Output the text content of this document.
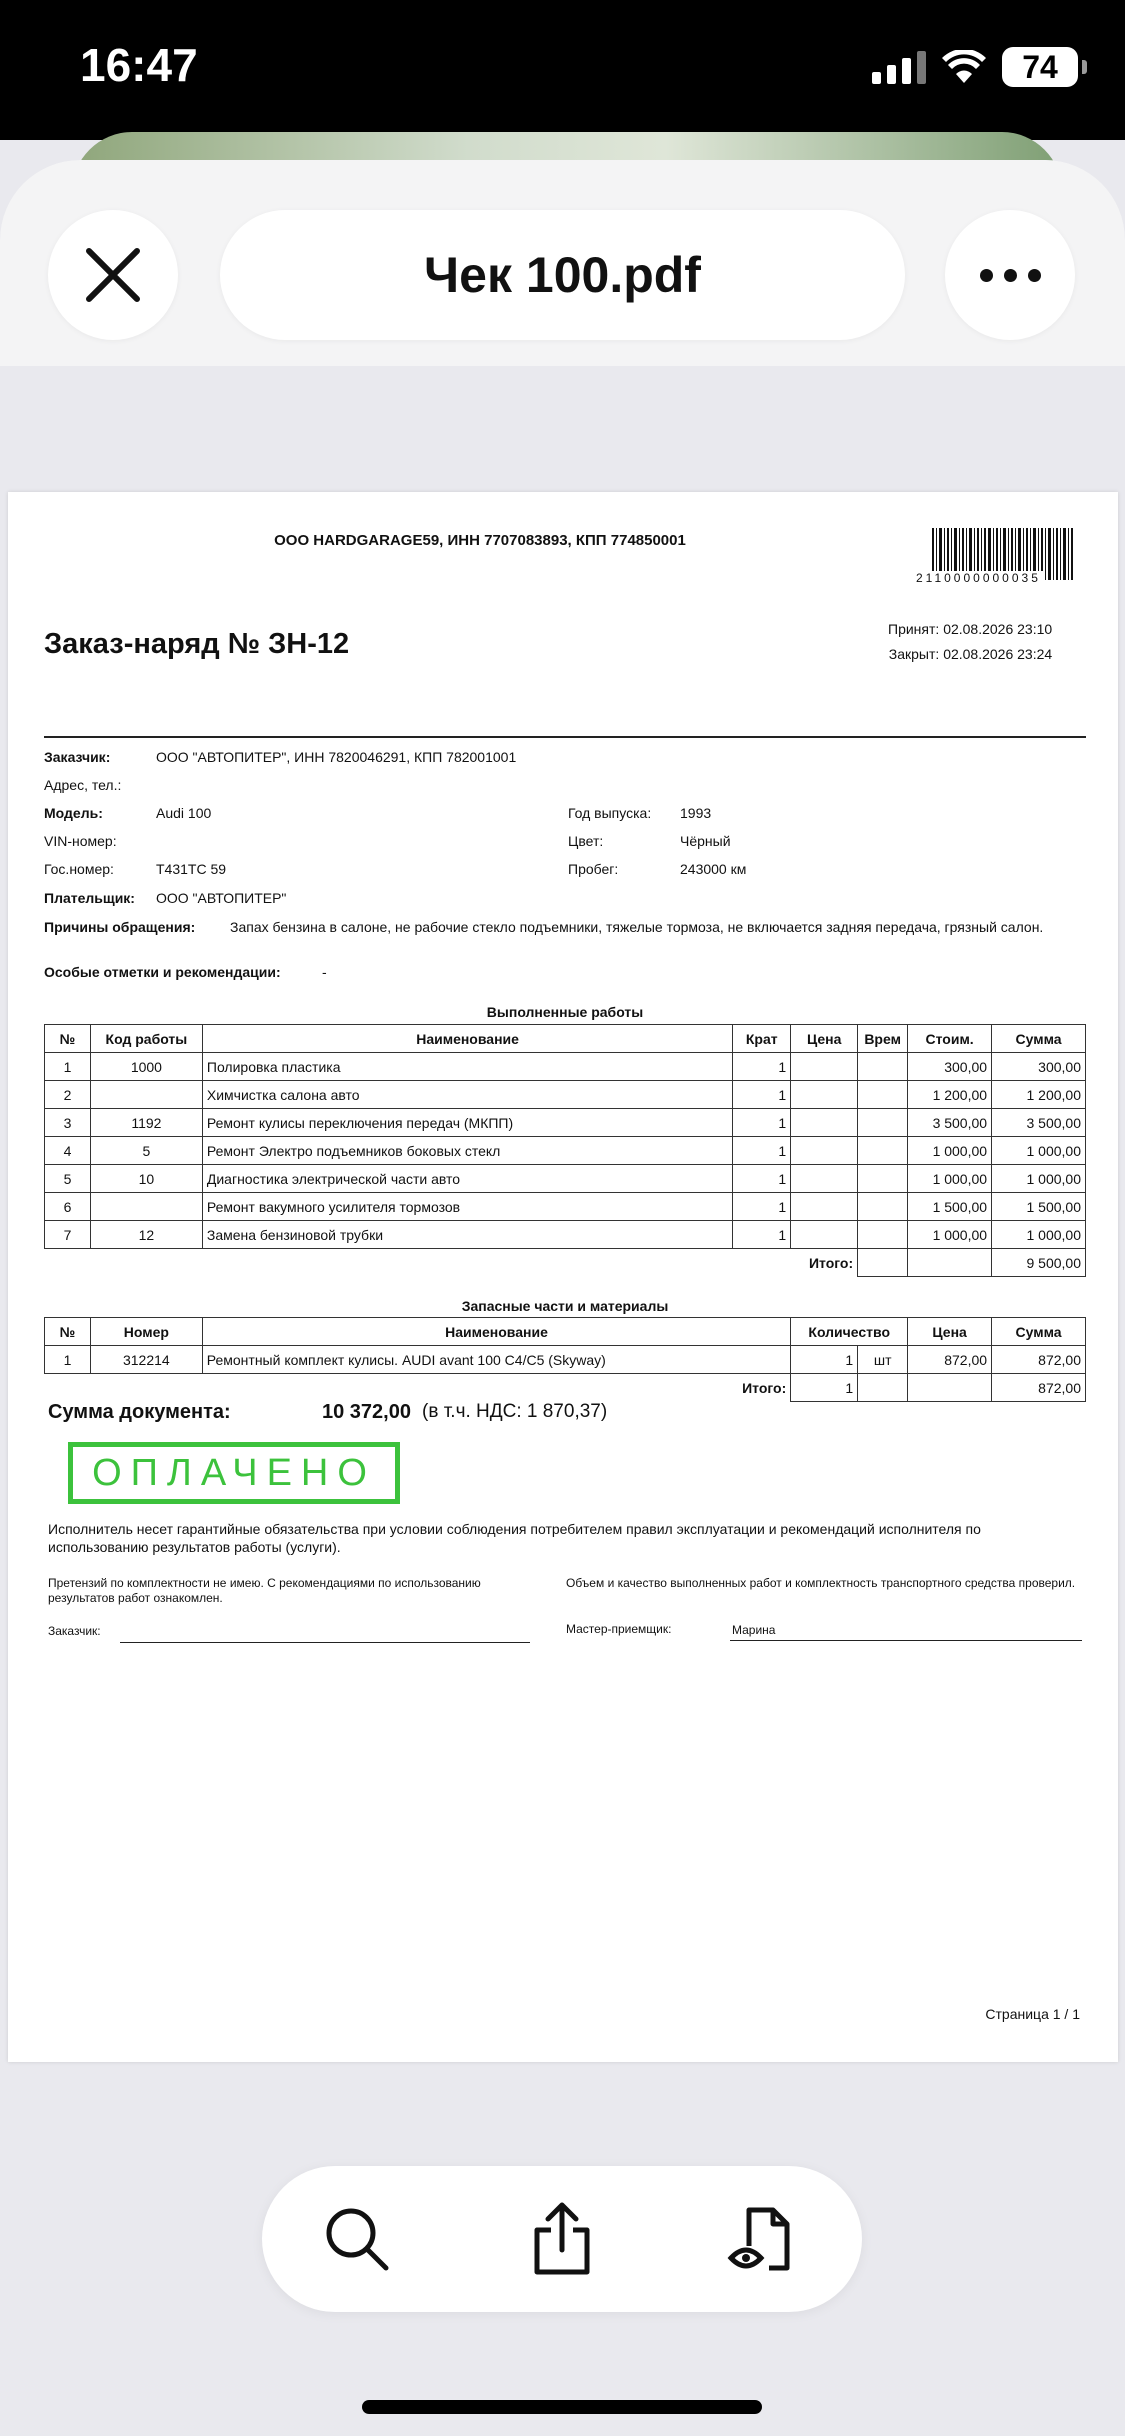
16:47	74
Чек 100.pdf
ООО HARDGARAGE59, ИНН 7707083893, КПП 774850001
2110000000035
Заказ-наряд № ЗН-12	Принят: 02.08.2026 23:10
Закрыт: 02.08.2026 23:24
Заказчик:	ООО "АВТОПИТЕР", ИНН 7820046291, КПП 782001001
Адрес, тел.:
Модель:	Audi 100
VIN-номер:
Гос.номер:	Т431ТС 59
Год выпуска: 1993
Цвет:	Чёрный
Пробег:	243000 км
Плательщик: ООО "АВТОПИТЕР"
Причины обращения: Запах бензина в салоне, не рабочие стекло подъемники, тяжелые тормоза, не включается задняя передача, грязный салон.
Особые отметки и рекомендации:	-
Выполненные работы
№	Код работы	Наименование	Крат	Цена	Врем	Стоим.	Сумма
1	1000	Полировка пластика	1			300,00	300,00
2		Химчистка салона авто	1			1 200,00	1 200,00
3	1192	Ремонт кулисы переключения передач (МКПП)	1			3 500,00	3 500,00
4	5	Ремонт Электро подъемников боковых стекл	1			1 000,00	1 000,00
5	10	Диагностика электрической части авто	1			1 000,00	1 000,00
6		Ремонт вакумного усилителя тормозов	1			1 500,00	1 500,00
7	12	Замена бензиновой трубки	1			1 000,00	1 000,00
				Итого:			9 500,00
Запасные части и материалы
№	Номер	Наименование	Количество		Цена	Сумма
1	312214	Ремонтный комплект кулисы. AUDI avant 100 C4/C5 (Skyway)	1	шт	872,00	872,00
		Итого:	1			872,00
Сумма документа:	10 372,00 (в т.ч. НДС: 1 870,37)
ОПЛАЧЕНО
Исполнитель несет гарантийные обязательства при условии соблюдения потребителем правил эксплуатации и рекомендаций исполнителя по использованию результатов работы (услуги).
Претензий по комплектности не имею. С рекомендациями по использованию результатов работ ознакомлен.
Объем и качество выполненных работ и комплектность транспортного средства проверил.
Заказчик:	Мастер-приемщик:	Марина
Страница 1 / 1
